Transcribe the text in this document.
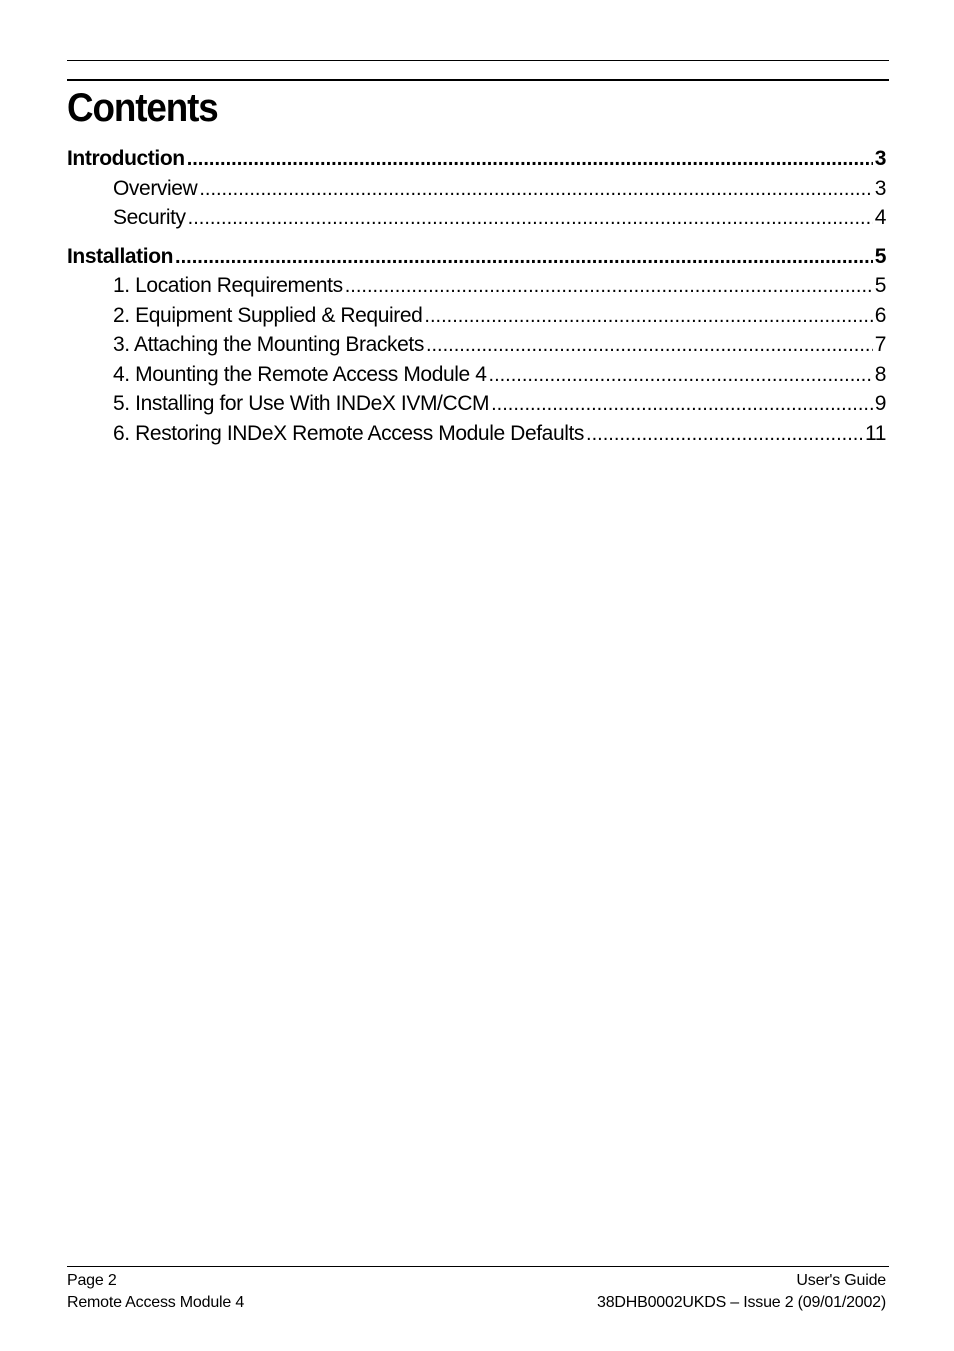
Contents
Introduction .....	3
Overview .....	3
Security .....	4
Installation .....	5
1. Location Requirements .....	5
2. Equipment Supplied & Required .....	6
3. Attaching the Mounting Brackets .....	7
4. Mounting the Remote Access Module 4 .....	8
5. Installing for Use With INDeX IVM/CCM .....	9
6. Restoring INDeX Remote Access Module Defaults .....	11
Page 2
Remote Access Module 4
User's Guide
38DHB0002UKDS – Issue 2 (09/01/2002)
